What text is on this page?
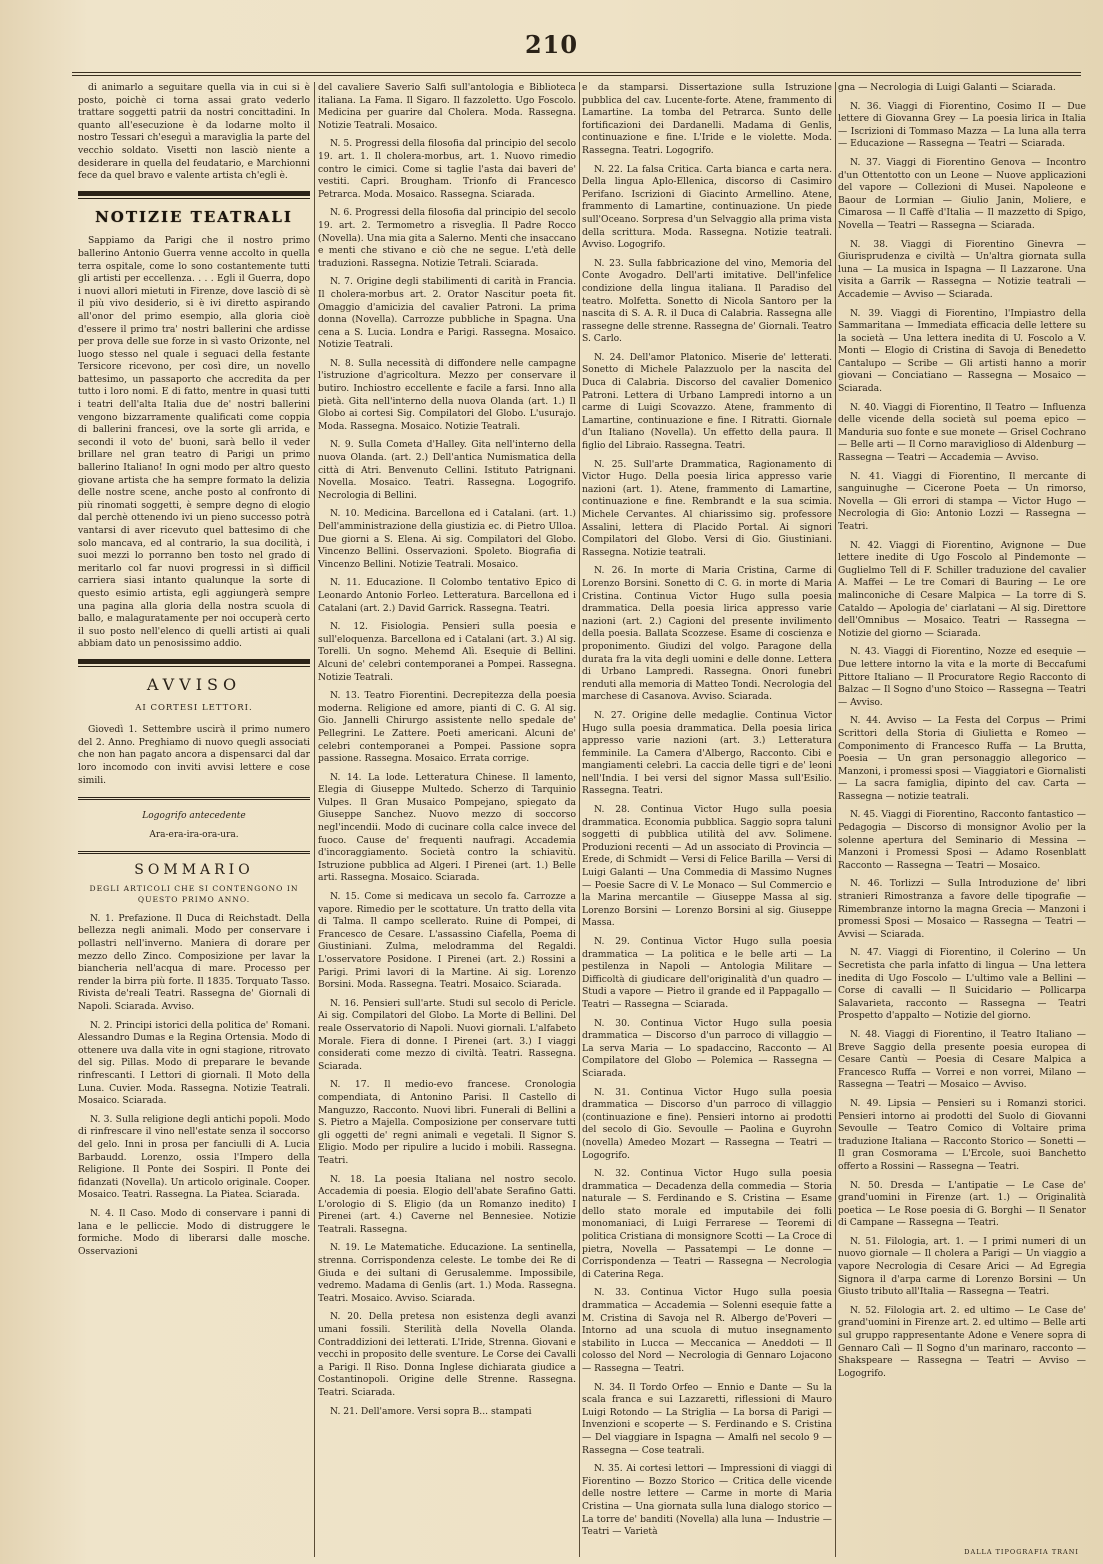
210

di animarlo a seguitare quella via in cui si è posto, poichè ci torna assai grato vederlo trattare soggetti patrii da nostri concittadini. In quanto all'esecuzione è da lodarne molto il nostro Tessari ch'eseguì a maraviglia la parte del vecchio soldato. Visetti non lasciò niente a desiderare in quella del feudatario, e Marchionni fece da quel bravo e valente artista ch'egli è.

NOTIZIE TEATRALI

Sappiamo da Parigi che il nostro primo ballerino Antonio Guerra venne accolto in quella terra ospitale, come lo sono costantemente tutti gli artisti per eccellenza. . . . Egli il Guerra, dopo i nuovi allori mietuti in Firenze, dove lasciò di sè il più vivo desiderio, si è ivi diretto aspirando all'onor del primo esempio, alla gloria cioè d'essere il primo tra' nostri ballerini che ardisse per prova delle sue forze in sì vasto Orizonte, nel luogo stesso nel quale i seguaci della festante Tersicore ricevono, per così dire, un novello battesimo, un passaporto che accredita da per tutto i loro nomi. E di fatto, mentre in quasi tutti i teatri dell'alta Italia due de' nostri ballerini vengono bizzarramente qualificati come coppia di ballerini francesi, ove la sorte gli arrida, e secondi il voto de' buoni, sarà bello il veder brillare nel gran teatro di Parigi un primo ballerino Italiano! In ogni modo per altro questo giovane artista che ha sempre formato la delizia delle nostre scene, anche posto al confronto di più rinomati soggetti, è sempre degno di elogio dal perchè ottenendo ivi un pieno successo potrà vantarsi di aver ricevuto quel battesimo di che solo mancava, ed al contrario, la sua docilità, i suoi mezzi lo porranno ben tosto nel grado di meritarlo col far nuovi progressi in sì difficil carriera siasi intanto qualunque la sorte di questo esimio artista, egli aggiungerà sempre una pagina alla gloria della nostra scuola di ballo, e malaguratamente per noi occuperà certo il suo posto nell'elenco di quelli artisti ai quali abbiam dato un penosissimo addio.

AVVISO
AI CORTESI LETTORI.

Giovedì 1. Settembre uscirà il primo numero del 2. Anno. Preghiamo di nuovo quegli associati che non han pagato ancora a dispensarci dal dar loro incomodo con inviti avvisi lettere e cose simili.

Logogrifo antecedente
Ara-era-ira-ora-ura.
SOMMARIO
DEGLI ARTICOLI CHE SI CONTENGONO IN QUESTO PRIMO ANNO.
N. 1. Prefazione. Il Duca di Reichstadt. Della bellezza negli animali. Modo per conservare i pollastri nell'inverno. Maniera di dorare per mezzo dello Zinco. Composizione per lavar la biancheria nell'acqua di mare. Processo per render la birra più forte. Il 1835. Torquato Tasso. Rivista de'reali Teatri. Rassegna de' Giornali di Napoli. Sciarada. Avviso.
N. 2. Principi istorici della politica de' Romani. Alessandro Dumas e la Regina Ortensia. Modo di ottenere uva dalla vite in ogni stagione, ritrovato del sig. Pillas. Modo di preparare le bevande rinfrescanti. I Lettori di giornali. Il Moto della Luna. Cuvier. Moda. Rassegna. Notizie Teatrali. Mosaico. Sciarada.
N. 3. Sulla religione degli antichi popoli. Modo di rinfrescare il vino nell'estate senza il soccorso del gelo. Inni in prosa per fanciulli di A. Lucia Barbaudd. Lorenzo, ossia l'Impero della Religione. Il Ponte dei Sospiri. Il Ponte dei fidanzati (Novella). Un articolo originale. Cooper. Mosaico. Teatri. Rassegna. La Piatea. Sciarada.
N. 4. Il Caso. Modo di conservare i panni di lana e le pelliccie. Modo di distruggere le formiche. Modo di liberarsi dalle mosche. Osservazioni
del cavaliere Saverio Salfi sull'antologia e Biblioteca italiana. La Fama. Il Sigaro. Il fazzoletto. Ugo Foscolo. Medicina per guarire dal Cholera. Moda. Rassegna. Notizie Teatrali. Mosaico.
N. 5. Progressi della filosofia dal principio del secolo 19. art. 1. Il cholera-morbus, art. 1. Nuovo rimedio contro le cimici. Come si taglie l'asta dai baveri de' vestiti. Capri. Brougham. Trionfo di Francesco Petrarca. Moda. Mosaico. Rassegna. Sciarada.
N. 6. Progressi della filosofia dal principio del secolo 19. art. 2. Termometro a risveglia. Il Padre Rocco (Novella). Una mia gita a Salerno. Menti che insaccano e menti che stivano e ciò che ne segue. L'età delle traduzioni. Rassegna. Notizie Tetrali. Sciarada.
N. 7. Origine degli stabilimenti di carità in Francia. Il cholera-morbus art. 2. Orator Nascitur poeta fit. Omaggio d'amicizia del cavalier Patroni. La prima donna (Novella). Carrozze pubbliche in Spagna. Una cena a S. Lucia. Londra e Parigi. Rassegna. Mosaico. Notizie Teatrali.
N. 8. Sulla necessità di diffondere nelle campagne l'istruzione d'agricoltura. Mezzo per conservare il butiro. Inchiostro eccellente e facile a farsi. Inno alla pietà. Gita nell'interno della nuova Olanda (art. 1.) Il Globo ai cortesi Sig. Compilatori del Globo. L'usurajo. Moda. Rassegna. Mosaico. Notizie Teatrali.
N. 9. Sulla Cometa d'Halley. Gita nell'interno della nuova Olanda. (art. 2.) Dell'antica Numismatica della città di Atri. Benvenuto Cellini. Istituto Patrignani. Novella. Mosaico. Teatri. Rassegna. Logogrifo. Necrologia di Bellini.
N. 10. Medicina. Barcellona ed i Catalani. (art. 1.) Dell'amministrazione della giustizia ec. di Pietro Ulloa. Due giorni a S. Elena. Ai sig. Compilatori del Globo. Vincenzo Bellini. Osservazioni. Spoleto. Biografia di Vincenzo Bellini. Notizie Teatrali. Mosaico.
N. 11. Educazione. Il Colombo tentativo Epico di Leonardo Antonio Forleo. Letteratura. Barcellona ed i Catalani (art. 2.) David Garrick. Rassegna. Teatri.
N. 12. Fisiologia. Pensieri sulla poesia e sull'eloquenza. Barcellona ed i Catalani (art. 3.) Al sig. Torelli. Un sogno. Mehemd Alì. Esequie di Bellini. Alcuni de' celebri contemporanei a Pompei. Rassegna. Notizie Teatrali.
N. 13. Teatro Fiorentini. Decrepitezza della poesia moderna. Religione ed amore, pianti di C. G. Al sig. Gio. Jannelli Chirurgo assistente nello spedale de' Pellegrini. Le Zattere. Poeti americani. Alcuni de' celebri contemporanei a Pompei. Passione sopra passione. Rassegna. Mosaico. Errata corrige.
N. 14. La lode. Letteratura Chinese. Il lamento, Elegia di Giuseppe Multedo. Scherzo di Tarquinio Vulpes. Il Gran Musaico Pompejano, spiegato da Giuseppe Sanchez. Nuovo mezzo di soccorso negl'incendii. Modo di cucinare colla calce invece del fuoco. Cause de' frequenti naufragi. Accademia d'incoraggiamento. Società contro la schiavitù. Istruzione pubblica ad Algeri. I Pirenei (art. 1.) Belle arti. Rassegna. Mosaico. Sciarada.
N. 15. Come si medicava un secolo fa. Carrozze a vapore. Rimedio per le scottature. Un tratto della vita di Talma. Il campo scellerato. Ruine di Pompei, di Francesco de Cesare. L'assassino Ciafella, Poema di Giustiniani. Zulma, melodramma del Regaldi. L'osservatore Posidone. I Pirenei (art. 2.) Rossini a Parigi. Primi lavori di la Martine. Ai sig. Lorenzo Borsini. Moda. Rassegna. Teatri. Mosaico. Sciarada.
N. 16. Pensieri sull'arte. Studi sul secolo di Pericle. Ai sig. Compilatori del Globo. La Morte di Bellini. Del reale Osservatorio di Napoli. Nuovi giornali. L'alfabeto Morale. Fiera di donne. I Pirenei (art. 3.) I viaggi considerati come mezzo di civiltà. Teatri. Rassegna. Sciarada.
N. 17. Il medio-evo francese. Cronologia compendiata, di Antonino Parisi. Il Castello di Manguzzo, Racconto. Nuovi libri. Funerali di Bellini a S. Pietro a Majella. Composizione per conservare tutti gli oggetti de' regni animali e vegetali. Il Signor S. Eligio. Modo per ripulire a lucido i mobili. Rassegna. Teatri.
N. 18. La poesia Italiana nel nostro secolo. Accademia di poesia. Elogio dell'abate Serafino Gatti. L'orologio di S. Eligio (da un Romanzo inedito) I Pirenei (art. 4.) Caverne nel Bennesiee. Notizie Teatrali. Rassegna.
N. 19. Le Matematiche. Educazione. La sentinella, strenna. Corrispondenza celeste. Le tombe dei Re di Giuda e dei sultani di Gerusalemme. Impossibile, vedremo. Madama di Genlis (art. 1.) Moda. Rassegna. Teatri. Mosaico. Avviso. Sciarada.
N. 20. Della pretesa non esistenza degli avanzi umani fossili. Sterilità della Novella Olanda. Contraddizioni dei letterati. L'Iride, Strenna. Giovani e vecchi in proposito delle sventure. Le Corse dei Cavalli a Parigi. Il Riso. Donna Inglese dichiarata giudice a Costantinopoli. Origine delle Strenne. Rassegna. Teatri. Sciarada.
N. 21. Dell'amore. Versi sopra B... stampati
e da stamparsi. Dissertazione sulla Istruzione pubblica del cav. Lucente-forte. Atene, frammento di Lamartine. La tomba del Petrarca. Sunto delle fortificazioni dei Dardanelli. Madama di Genlis, continuazione e fine. L'Iride e le violette. Moda. Rassegna. Teatri. Logogrifo.
N. 22. La falsa Critica. Carta bianca e carta nera. Della lingua Aplo-Ellenica, discorso di Casimiro Perifano. Iscrizioni di Giacinto Armellino. Atene, frammento di Lamartine, continuazione. Un piede sull'Oceano. Sorpresa d'un Selvaggio alla prima vista della scrittura. Moda. Rassegna. Notizie teatrali. Avviso. Logogrifo.
N. 23. Sulla fabbricazione del vino, Memoria del Conte Avogadro. Dell'arti imitative. Dell'infelice condizione della lingua italiana. Il Paradiso del teatro. Molfetta. Sonetto di Nicola Santoro per la nascita di S. A. R. il Duca di Calabria. Rassegna alle rassegne delle strenne. Rassegna de' Giornali. Teatro S. Carlo.
N. 24. Dell'amor Platonico. Miserie de' letterati. Sonetto di Michele Palazzuolo per la nascita del Duca di Calabria. Discorso del cavalier Domenico Patroni. Lettera di Urbano Lampredi intorno a un carme di Luigi Scovazzo. Atene, frammento di Lamartine, continuazione e fine. I Ritratti. Giornale d'un Italiano (Novella). Un effetto della paura. Il figlio del Libraio. Rassegna. Teatri.
N. 25. Sull'arte Drammatica, Ragionamento di Victor Hugo. Della poesia lirica appresso varie nazioni (art. 1). Atene, frammento di Lamartine, continuazione e fine. Rembrandt e la sua scimia. Michele Cervantes. Al chiarissimo sig. professore Assalini, lettera di Placido Portal. Ai signori Compilatori del Globo. Versi di Gio. Giustiniani. Rassegna. Notizie teatrali.
N. 26. In morte di Maria Cristina, Carme di Lorenzo Borsini. Sonetto di C. G. in morte di Maria Cristina. Continua Victor Hugo sulla poesia drammatica. Della poesia lirica appresso varie nazioni (art. 2.) Cagioni del presente invilimento della poesia. Ballata Scozzese. Esame di coscienza e proponimento. Giudizi del volgo. Paragone della durata fra la vita degli uomini e delle donne. Lettera di Urbano Lampredi. Rassegna. Onori funebri renduti alla memoria di Matteo Tondi. Necrologia del marchese di Casanova. Avviso. Sciarada.
N. 27. Origine delle medaglie. Continua Victor Hugo sulla poesia drammatica. Della poesia lirica appresso varie nazioni (art. 3.) Letteratura femminile. La Camera d'Albergo, Racconto. Cibi e mangiamenti celebri. La caccia delle tigri e de' leoni nell'India. I bei versi del signor Massa sull'Esilio. Rassegna. Teatri.
N. 28. Continua Victor Hugo sulla poesia drammatica. Economia pubblica. Saggio sopra taluni soggetti di pubblica utilità del avv. Solimene. Produzioni recenti — Ad un associato di Provincia — Erede, di Schmidt — Versi di Felice Barilla — Versi di Luigi Galanti — Una Commedia di Massimo Nugnes — Poesie Sacre di V. Le Monaco — Sul Commercio e la Marina mercantile — Giuseppe Massa al sig. Lorenzo Borsini — Lorenzo Borsini al sig. Giuseppe Massa.
N. 29. Continua Victor Hugo sulla poesia drammatica — La politica e le belle arti — La pestilenza in Napoli — Antologia Militare — Difficoltà di giudicare dell'originalità d'un quadro — Studi a vapore — Pietro il grande ed il Pappagallo — Teatri — Rassegna — Sciarada.
N. 30. Continua Victor Hugo sulla poesia drammatica — Discorso d'un parroco di villaggio — La serva Maria — Lo spadaccino, Racconto — Al Compilatore del Globo — Polemica — Rassegna — Sciarada.
N. 31. Continua Victor Hugo sulla poesia drammatica — Discorso d'un parroco di villaggio (continuazione e fine). Pensieri intorno ai prodotti del secolo di Gio. Sevoulle — Paolina e Guyrohn (novella) Amedeo Mozart — Rassegna — Teatri — Logogrifo.
N. 32. Continua Victor Hugo sulla poesia drammatica — Decadenza della commedia — Storia naturale — S. Ferdinando e S. Cristina — Esame dello stato morale ed imputabile dei folli monomaniaci, di Luigi Ferrarese — Teoremi di politica Cristiana di monsignore Scotti — La Croce di pietra, Novella — Passatempi — Le donne — Corrispondenza — Teatri — Rassegna — Necrologia di Caterina Rega.
N. 33. Continua Victor Hugo sulla poesia drammatica — Accademia — Solenni esequie fatte a M. Cristina di Savoja nel R. Albergo de'Poveri — Intorno ad una scuola di mutuo insegnamento stabilito in Lucca — Meccanica — Aneddoti — Il colosso del Nord — Necrologia di Gennaro Lojacono — Rassegna — Teatri.
N. 34. Il Tordo Orfeo — Ennio e Dante — Su la scala franca e sui Lazzaretti, riflessioni di Mauro Luigi Rotondo — La Striglia — La borsa di Parigi — Invenzioni e scoperte — S. Ferdinando e S. Cristina — Del viaggiare in Ispagna — Amalfi nel secolo 9 — Rassegna — Cose teatrali.
N. 35. Ai cortesi lettori — Impressioni di viaggi di Fiorentino — Bozzo Storico — Critica delle vicende delle nostre lettere — Carme in morte di Maria Cristina — Una giornata sulla luna dialogo storico — La torre de' banditi (Novella) alla luna — Industrie — Teatri — Varietà
gna — Necrologia di Luigi Galanti — Sciarada.
N. 36. Viaggi di Fiorentino, Cosimo II — Due lettere di Giovanna Grey — La poesia lirica in Italia — Iscrizioni di Tommaso Mazza — La luna alla terra — Educazione — Rassegna — Teatri — Sciarada.
N. 37. Viaggi di Fiorentino Genova — Incontro d'un Ottentotto con un Leone — Nuove applicazioni del vapore — Collezioni di Musei. Napoleone e Baour de Lormian — Giulio Janin, Moliere, e Cimarosa — Il Caffè d'Italia — Il mazzetto di Spigo, Novella — Teatri — Rassegna — Sciarada.
N. 38. Viaggi di Fiorentino Ginevra — Giurisprudenza e civiltà — Un'altra giornata sulla luna — La musica in Ispagna — Il Lazzarone. Una visita a Garrik — Rassegna — Notizie teatrali — Accademie — Avviso — Sciarada.
N. 39. Viaggi di Fiorentino, l'Impiastro della Sammaritana — Immediata efficacia delle lettere su la società — Una lettera inedita di U. Foscolo a V. Monti — Elogio di Cristina di Savoja di Benedetto Cantalupo — Scribe — Gli artisti hanno a morir giovani — Conciatiano — Rassegna — Mosaico — Sciarada.
N. 40. Viaggi di Fiorentino, Il Teatro — Influenza delle vicende della società sul poema epico — Manduria suo fonte e sue monete — Grisel Cochrano — Belle arti — Il Corno maraviglioso di Aldenburg — Rassegna — Teatri — Accademia — Avviso.
N. 41. Viaggi di Fiorentino, Il mercante di sanguinughe — Cicerone Poeta — Un rimorso, Novella — Gli errori di stampa — Victor Hugo — Necrologia di Gio: Antonio Lozzi — Rassegna — Teatri.
N. 42. Viaggi di Fiorentino, Avignone — Due lettere inedite di Ugo Foscolo al Pindemonte — Guglielmo Tell di F. Schiller traduzione del cavalier A. Maffei — Le tre Comari di Bauring — Le ore malinconiche di Cesare Malpica — La torre di S. Cataldo — Apologia de' ciarlatani — Al sig. Direttore dell'Omnibus — Mosaico. Teatri — Rassegna — Notizie del giorno — Sciarada.
N. 43. Viaggi di Fiorentino, Nozze ed esequie — Due lettere intorno la vita e la morte di Beccafumi Pittore Italiano — Il Procuratore Regio Racconto di Balzac — Il Sogno d'uno Stoico — Rassegna — Teatri — Avviso.
N. 44. Avviso — La Festa del Corpus — Primi Scrittori della Storia di Giulietta e Romeo — Componimento di Francesco Ruffa — La Brutta, Poesia — Un gran personaggio allegorico — Manzoni, i promessi sposi — Viaggiatori e Giornalisti — La sacra famiglia, dipinto del cav. Carta — Rassegna — notizie teatrali.
N. 45. Viaggi di Fiorentino, Racconto fantastico — Pedagogia — Discorso di monsignor Avolio per la solenne apertura del Seminario di Messina — Manzoni i Promessi Sposi — Adamo Rosenblatt Racconto — Rassegna — Teatri — Mosaico.
N. 46. Torlizzi — Sulla Introduzione de' libri stranieri Rimostranza a favore delle tipografie — Rimembranze intorno la magna Grecia — Manzoni i promessi Sposi — Mosaico — Rassegna — Teatri — Avvisi — Sciarada.
N. 47. Viaggi di Fiorentino, il Colerino — Un Secretista che parla infatto di lingua — Una lettera inedita di Ugo Foscolo — L'ultimo vale a Bellini — Corse di cavalli — Il Suicidario — Pollicarpa Salavarieta, racconto — Rassegna — Teatri Prospetto d'appalto — Notizie del giorno.
N. 48. Viaggi di Fiorentino, il Teatro Italiano — Breve Saggio della presente poesia europea di Cesare Cantù — Poesia di Cesare Malpica a Francesco Ruffa — Vorrei e non vorrei, Milano — Rassegna — Teatri — Mosaico — Avviso.
N. 49. Lipsia — Pensieri su i Romanzi storici. Pensieri intorno ai prodotti del Suolo di Giovanni Sevoulle — Teatro Comico di Voltaire prima traduzione Italiana — Racconto Storico — Sonetti — Il gran Cosmorama — L'Ercole, suoi Banchetto offerto a Rossini — Rassegna — Teatri.
N. 50. Dresda — L'antipatie — Le Case de' grand'uomini in Firenze (art. 1.) — Originalità poetica — Le Rose poesia di G. Borghi — Il Senator di Campane — Rassegna — Teatri.
N. 51. Filologia, art. 1. — I primi numeri di un nuovo giornale — Il cholera a Parigi — Un viaggio a vapore Necrologia di Cesare Arici — Ad Egregia Signora il d'arpa carme di Lorenzo Borsini — Un Giusto tributo all'Italia — Rassegna — Teatri.
N. 52. Filologia art. 2. ed ultimo — Le Case de' grand'uomini in Firenze art. 2. ed ultimo — Belle arti sul gruppo rappresentante Adone e Venere sopra di Gennaro Calì — Il Sogno d'un marinaro, racconto — Shakspeare — Rassegna — Teatri — Avviso — Logogrifo.
DALLA TIPOGRAFIA TRANI
